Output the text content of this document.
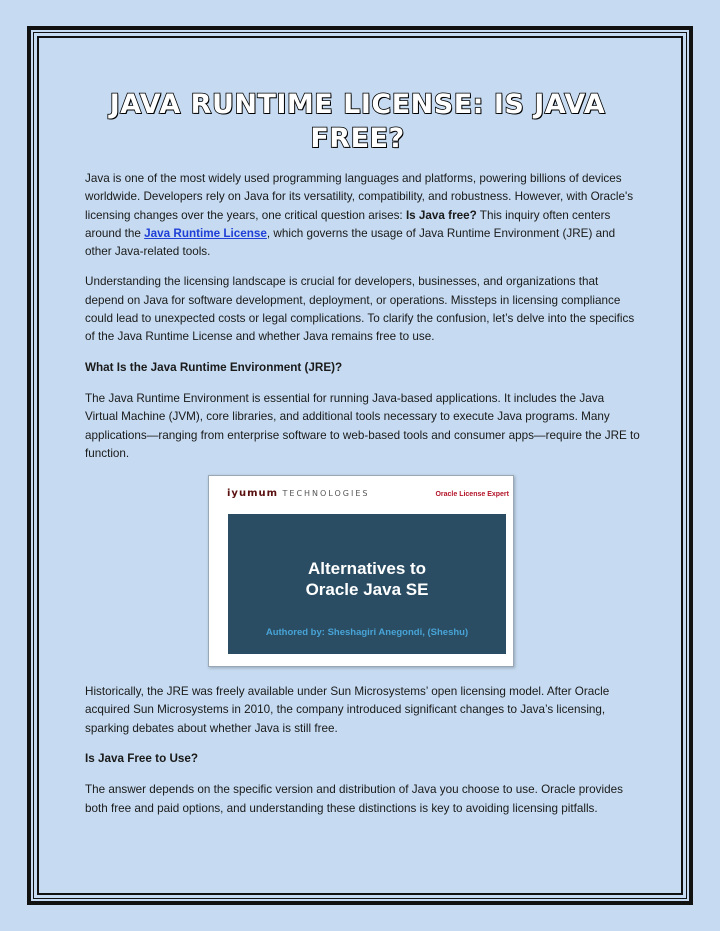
JAVA RUNTIME LICENSE: IS JAVA FREE?

Java is one of the most widely used programming languages and platforms, powering billions of devices worldwide. Developers rely on Java for its versatility, compatibility, and robustness. However, with Oracle's licensing changes over the years, one critical question arises: Is Java free? This inquiry often centers around the Java Runtime License, which governs the usage of Java Runtime Environment (JRE) and other Java-related tools.

Understanding the licensing landscape is crucial for developers, businesses, and organizations that depend on Java for software development, deployment, or operations. Missteps in licensing compliance could lead to unexpected costs or legal complications. To clarify the confusion, let’s delve into the specifics of the Java Runtime License and whether Java remains free to use.

What Is the Java Runtime Environment (JRE)?

The Java Runtime Environment is essential for running Java-based applications. It includes the Java Virtual Machine (JVM), core libraries, and additional tools necessary to execute Java programs. Many applications—ranging from enterprise software to web-based tools and consumer apps—require the JRE to function.

iyumum TECHNOLOGIES	Oracle License Expert
Alternatives to
Oracle Java SE
Authored by: Sheshagiri Anegondi, (Sheshu)

Historically, the JRE was freely available under Sun Microsystems’ open licensing model. After Oracle acquired Sun Microsystems in 2010, the company introduced significant changes to Java’s licensing, sparking debates about whether Java is still free.

Is Java Free to Use?

The answer depends on the specific version and distribution of Java you choose to use. Oracle provides both free and paid options, and understanding these distinctions is key to avoiding licensing pitfalls.
